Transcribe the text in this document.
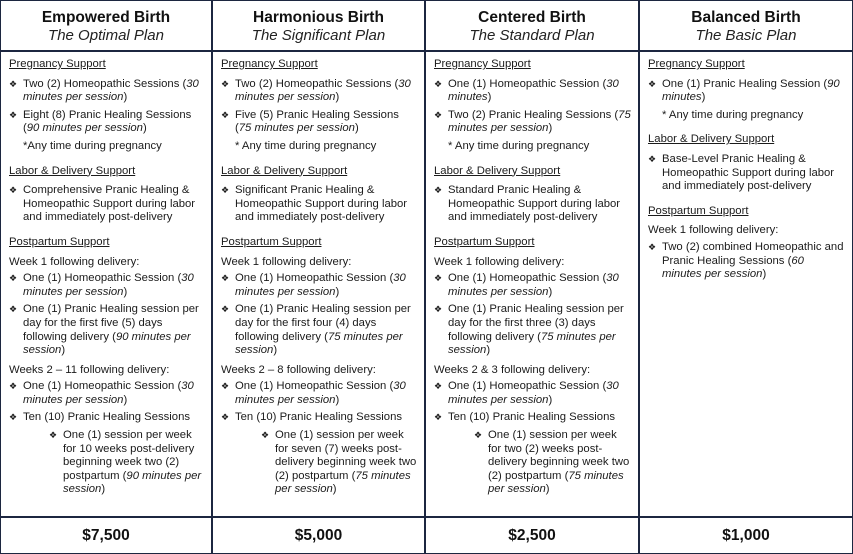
Empowered Birth
The Optimal Plan
Pregnancy Support
❖ Two (2) Homeopathic Sessions (30 minutes per session)
❖ Eight (8) Pranic Healing Sessions (90 minutes per session)
*Any time during pregnancy
Labor & Delivery Support
❖ Comprehensive Pranic Healing & Homeopathic Support during labor and immediately post-delivery
Postpartum Support
Week 1 following delivery:
❖ One (1) Homeopathic Session (30 minutes per session)
❖ One (1) Pranic Healing session per day for the first five (5) days following delivery (90 minutes per session)
Weeks 2 – 11 following delivery:
❖ One (1) Homeopathic Session (30 minutes per session)
❖ Ten (10) Pranic Healing Sessions
❖ One (1) session per week for 10 weeks post-delivery beginning week two (2) postpartum (90 minutes per session)
$7,500
Harmonious Birth
The Significant Plan
Pregnancy Support
❖ Two (2) Homeopathic Sessions (30 minutes per session)
❖ Five (5) Pranic Healing Sessions (75 minutes per session)
* Any time during pregnancy
Labor & Delivery Support
❖ Significant Pranic Healing & Homeopathic Support during labor and immediately post-delivery
Postpartum Support
Week 1 following delivery:
❖ One (1) Homeopathic Session (30 minutes per session)
❖ One (1) Pranic Healing session per day for the first four (4) days following delivery (75 minutes per session)
Weeks 2 – 8 following delivery:
❖ One (1) Homeopathic Session (30 minutes per session)
❖ Ten (10) Pranic Healing Sessions
❖ One (1) session per week for seven (7) weeks post-delivery beginning week two (2) postpartum (75 minutes per session)
$5,000
Centered Birth
The Standard Plan
Pregnancy Support
❖ One (1) Homeopathic Session (30 minutes)
❖ Two (2) Pranic Healing Sessions (75 minutes per session)
* Any time during pregnancy
Labor & Delivery Support
❖ Standard Pranic Healing & Homeopathic Support during labor and immediately post-delivery
Postpartum Support
Week 1 following delivery:
❖ One (1) Homeopathic Session (30 minutes per session)
❖ One (1) Pranic Healing session per day for the first three (3) days following delivery (75 minutes per session)
Weeks 2 & 3 following delivery:
❖ One (1) Homeopathic Session (30 minutes per session)
❖ Ten (10) Pranic Healing Sessions
❖ One (1) session per week for two (2) weeks post-delivery beginning week two (2) postpartum (75 minutes per session)
$2,500
Balanced Birth
The Basic Plan
Pregnancy Support
❖ One (1) Pranic Healing Session (90 minutes)
* Any time during pregnancy
Labor & Delivery Support
❖ Base-Level Pranic Healing & Homeopathic Support during labor and immediately post-delivery
Postpartum Support
Week 1 following delivery:
❖ Two (2) combined Homeopathic and Pranic Healing Sessions (60 minutes per session)
$1,000
